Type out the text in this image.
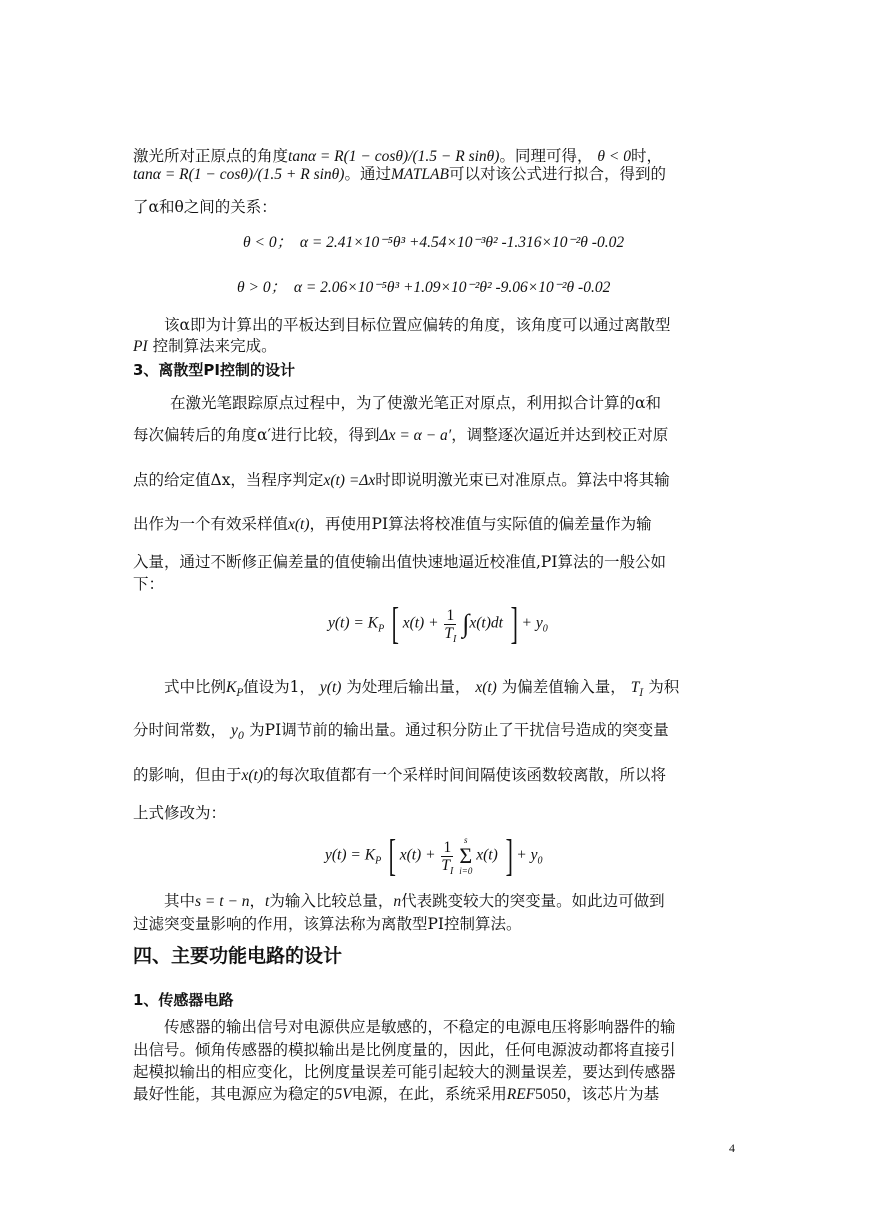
激光所对正原点的角度tanα = R(1 − cosθ)/(1.5 − R sinθ)。同理可得， θ < 0时，
tanα = R(1 − cosθ)/(1.5 + R sinθ)。通过MATLAB可以对该公式进行拟合，得到的
了α和θ之间的关系：
θ < 0； α = 2.41×10⁻⁵θ³ +4.54×10⁻³θ² -1.316×10⁻²θ -0.02
θ > 0； α = 2.06×10⁻⁵θ³ +1.09×10⁻²θ² -9.06×10⁻²θ -0.02
该α即为计算出的平板达到目标位置应偏转的角度，该角度可以通过离散型
PI 控制算法来完成。
3、离散型PI控制的设计
在激光笔跟踪原点过程中，为了使激光笔正对原点，利用拟合计算的α和
每次偏转后的角度α′进行比较，得到Δx = α − a′，调整逐次逼近并达到校正对原
点的给定值Δx，当程序判定x(t) =Δx时即说明激光束已对准原点。算法中将其输
出作为一个有效采样值x(t)，再使用PI算法将校准值与实际值的偏差量作为输
入量，通过不断修正偏差量的值使输出值快速地逼近校准值,PI算法的一般公如
下：
$y(t) = K_P$ [ $x(t) + \frac{1}{T_I} \int x(t)dt$ ] + $y_0$
式中比例$K_P$值设为1， y(t) 为处理后输出量， x(t) 为偏差值输入量， $T_I$ 为积
分时间常数， $y_0$ 为PI调节前的输出量。通过积分防止了干扰信号造成的突变量
的影响，但由于x(t)的每次取值都有一个采样时间间隔使该函数较离散，所以将
上式修改为：
$y(t) = K_P$ [ $x(t) + \frac{1}{T_I}$
	s
Σ
i=0
x(t) ] + $y_0$
其中s = t − n，t为输入比较总量，n代表跳变较大的突变量。如此边可做到
过滤突变量影响的作用，该算法称为离散型PI控制算法。
四、主要功能电路的设计
1、传感器电路
传感器的输出信号对电源供应是敏感的，不稳定的电源电压将影响器件的输
出信号。倾角传感器的模拟输出是比例度量的，因此，任何电源波动都将直接引
起模拟输出的相应变化，比例度量误差可能引起较大的测量误差，要达到传感器
最好性能，其电源应为稳定的5V电源，在此，系统采用REF5050，该芯片为基
4
